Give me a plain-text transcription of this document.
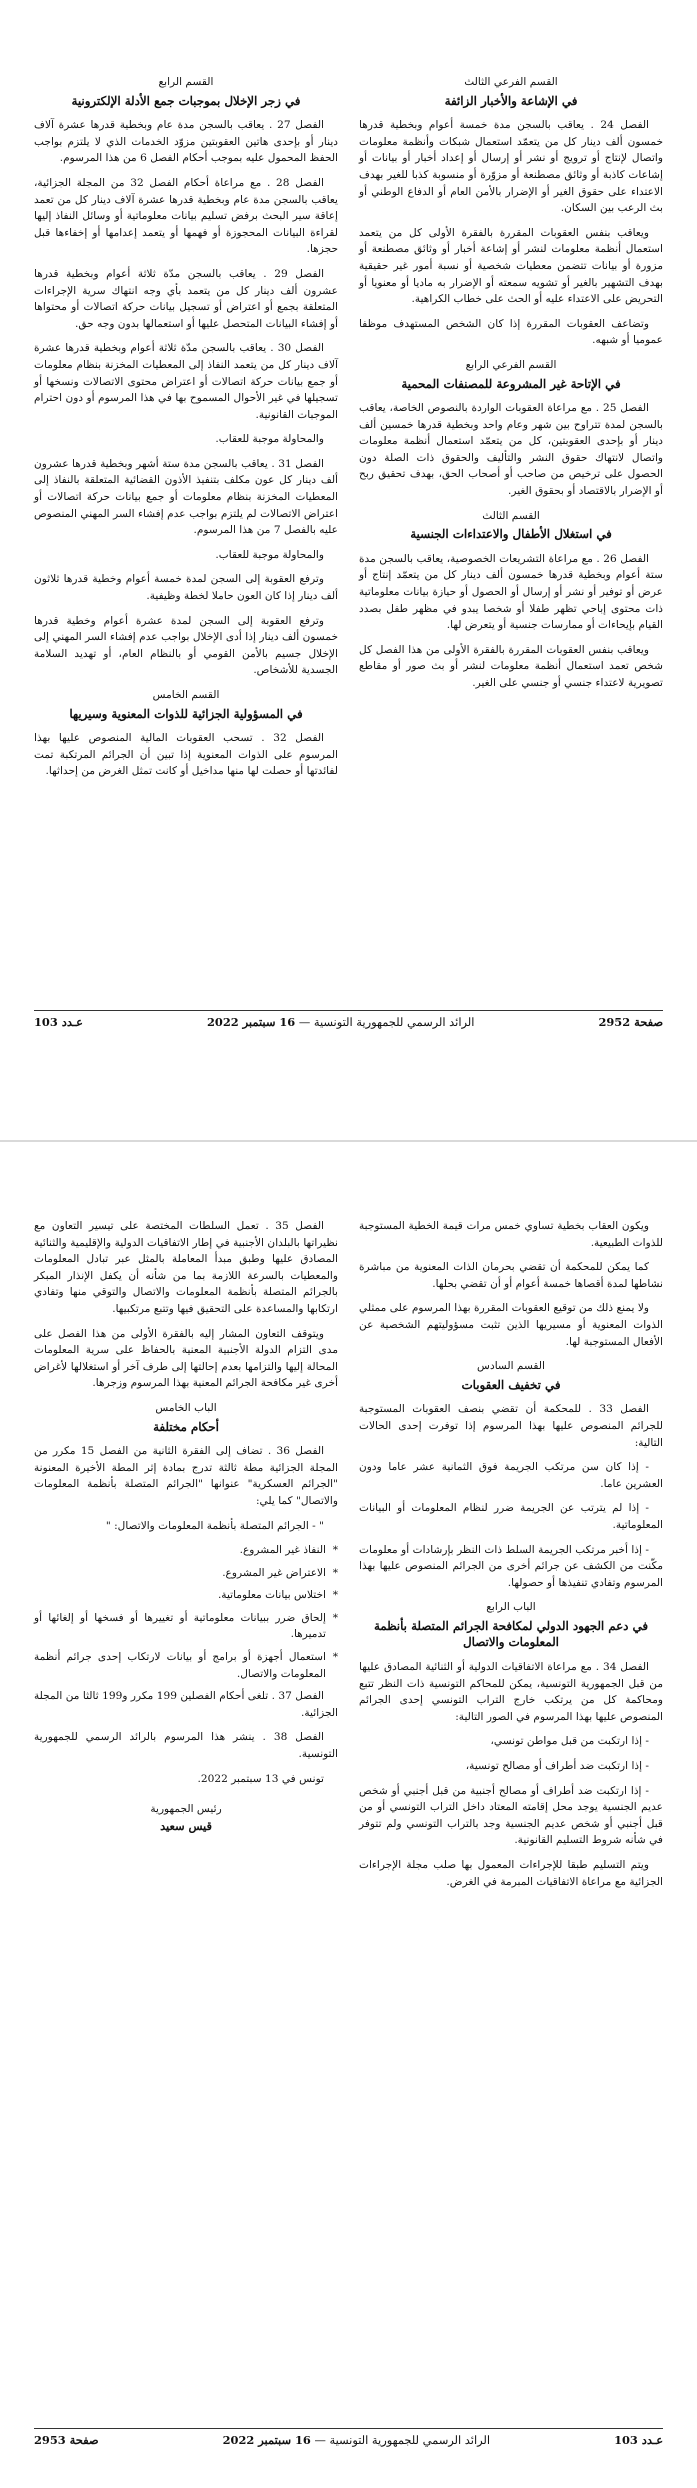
القسم الفرعي الثالث
في الإشاعة والأخبار الزائفة

الفصل 24 . يعاقب بالسجن مدة خمسة أعوام وبخطية قدرها خمسون ألف دينار كل من يتعمّد استعمال شبكات وأنظمة معلومات واتصال لإنتاج أو ترويج أو نشر أو إرسال أو إعداد أخبار أو بيانات أو إشاعات كاذبة أو وثائق مصطنعة أو مزوّرة أو منسوبة كذبا للغير بهدف الاعتداء على حقوق الغير أو الإضرار بالأمن العام أو الدفاع الوطني أو بث الرعب بين السكان.

ويعاقب بنفس العقوبات المقررة بالفقرة الأولى كل من يتعمد استعمال أنظمة معلومات لنشر أو إشاعة أخبار أو وثائق مصطنعة أو مزورة أو بيانات تتضمن معطيات شخصية أو نسبة أمور غير حقيقية بهدف التشهير بالغير أو تشويه سمعته أو الإضرار به ماديا أو معنويا أو التحريض على الاعتداء عليه أو الحث على خطاب الكراهية.

وتضاعف العقوبات المقررة إذا كان الشخص المستهدف موظفا عموميا أو شبهه.

القسم الفرعي الرابع
في الإتاحة غير المشروعة للمصنفات المحمية

الفصل 25 . مع مراعاة العقوبات الواردة بالنصوص الخاصة، يعاقب بالسجن لمدة تتراوح بين شهر وعام واحد وبخطية قدرها خمسين ألف دينار أو بإحدى العقوبتين، كل من يتعمّد استعمال أنظمة معلومات واتصال لانتهاك حقوق النشر والتأليف والحقوق ذات الصلة دون الحصول على ترخيص من صاحب أو أصحاب الحق، بهدف تحقيق ربح أو الإضرار بالاقتصاد أو بحقوق الغير.

القسم الثالث
في استغلال الأطفال والاعتداءات الجنسية

الفصل 26 . مع مراعاة التشريعات الخصوصية، يعاقب بالسجن مدة ستة أعوام وبخطية قدرها خمسون ألف دينار كل من يتعمّد إنتاج أو عرض أو توفير أو نشر أو إرسال أو الحصول أو حيازة بيانات معلوماتية ذات محتوى إباحي تظهر طفلا أو شخصا يبدو في مظهر طفل بصدد القيام بإيحاءات أو ممارسات جنسية أو يتعرض لها.

ويعاقب بنفس العقوبات المقررة بالفقرة الأولى من هذا الفصل كل شخص تعمد استعمال أنظمة معلومات لنشر أو بث صور أو مقاطع تصويرية لاعتداء جنسي أو جنسي على الغير.

القسم الرابع
في زجر الإخلال بموجبات جمع الأدلة الإلكترونية

الفصل 27 . يعاقب بالسجن مدة عام وبخطية قدرها عشرة آلاف دينار أو بإحدى هاتين العقوبتين مزوّد الخدمات الذي لا يلتزم بواجب الحفظ المحمول عليه بموجب أحكام الفصل 6 من هذا المرسوم.

الفصل 28 . مع مراعاة أحكام الفصل 32 من المجلة الجزائية، يعاقب بالسجن مدة عام وبخطية قدرها عشرة آلاف دينار كل من تعمد إعاقة سير البحث برفض تسليم بيانات معلوماتية أو وسائل النفاذ إليها لقراءة البيانات المحجوزة أو فهمها أو يتعمد إعدامها أو إخفاءها قبل حجزها.

الفصل 29 . يعاقب بالسجن مدّة ثلاثة أعوام وبخطية قدرها عشرون ألف دينار كل من يتعمد بأي وجه انتهاك سرية الإجراءات المتعلقة بجمع أو اعتراض أو تسجيل بيانات حركة اتصالات أو محتواها أو إفشاء البيانات المتحصل عليها أو استعمالها بدون وجه حق.

الفصل 30 . يعاقب بالسجن مدّة ثلاثة أعوام وبخطية قدرها عشرة آلاف دينار كل من يتعمد النفاذ إلى المعطيات المخزنة بنظام معلومات أو جمع بيانات حركة اتصالات أو اعتراض محتوى الاتصالات ونسخها أو تسجيلها في غير الأحوال المسموح بها في هذا المرسوم أو دون احترام الموجبات القانونية.

والمحاولة موجبة للعقاب.

الفصل 31 . يعاقب بالسجن مدة ستة أشهر وبخطية قدرها عشرون ألف دينار كل عون مكلف بتنفيذ الأذون القضائية المتعلقة بالنفاذ إلى المعطيات المخزنة بنظام معلومات أو جمع بيانات حركة اتصالات أو اعتراض الاتصالات لم يلتزم بواجب عدم إفشاء السر المهني المنصوص عليه بالفصل 7 من هذا المرسوم.

والمحاولة موجبة للعقاب.

وترفع العقوبة إلى السجن لمدة خمسة أعوام وخطية قدرها ثلاثون ألف دينار إذا كان العون حاملا لخطة وظيفية.

وترفع العقوبة إلى السجن لمدة عشرة أعوام وخطية قدرها خمسون ألف دينار إذا أدى الإخلال بواجب عدم إفشاء السر المهني إلى الإخلال جسيم بالأمن القومي أو بالنظام العام، أو تهديد السلامة الجسدية للأشخاص.

القسم الخامس
في المسؤولية الجزائية للذوات المعنوية وسيريها

الفصل 32 . تسحب العقوبات المالية المنصوص عليها بهذا المرسوم على الذوات المعنوية إذا تبين أن الجرائم المرتكبة تمت لفائدتها أو حصلت لها منها مداخيل أو كانت تمثل الغرض من إحداثها.

صفحة 2952
الرائد الرسمي للجمهورية التونسية — 16 سبتمبر 2022
عـدد 103

ويكون العقاب بخطية تساوي خمس مرات قيمة الخطية المستوجبة للذوات الطبيعية.

كما يمكن للمحكمة أن تقضي بحرمان الذات المعنوية من مباشرة نشاطها لمدة أقصاها خمسة أعوام أو أن تقضي بحلها.

ولا يمنع ذلك من توقيع العقوبات المقررة بهذا المرسوم على ممثلي الذوات المعنوية أو مسيريها الذين تثبت مسؤوليتهم الشخصية عن الأفعال المستوجبة لها.

القسم السادس
في تخفيف العقوبات

الفصل 33 . للمحكمة أن تقضي بنصف العقوبات المستوجبة للجرائم المنصوص عليها بهذا المرسوم إذا توفرت إحدى الحالات التالية:

- إذا كان سن مرتكب الجريمة فوق الثمانية عشر عاما ودون العشرين عاما.

- إذا لم يترتب عن الجريمة ضرر لنظام المعلومات أو البيانات المعلوماتية.

- إذا أخبر مرتكب الجريمة السلط ذات النظر بإرشادات أو معلومات مكّنت من الكشف عن جرائم أخرى من الجرائم المنصوص عليها بهذا المرسوم وتفادي تنفيذها أو حصولها.

الباب الرابع
في دعم الجهود الدولي لمكافحة الجرائم المتصلة بأنظمة المعلومات والاتصال

الفصل 34 . مع مراعاة الاتفاقيات الدولية أو الثنائية المصادق عليها من قبل الجمهورية التونسية، يمكن للمحاكم التونسية ذات النظر تتبع ومحاكمة كل من يرتكب خارج التراب التونسي إحدى الجرائم المنصوص عليها بهذا المرسوم في الصور التالية:

- إذا ارتكبت من قبل مواطن تونسي،

- إذا ارتكبت ضد أطراف أو مصالح تونسية،

- إذا ارتكبت ضد أطراف أو مصالح أجنبية من قبل أجنبي أو شخص عديم الجنسية يوجد محل إقامته المعتاد داخل التراب التونسي أو من قبل أجنبي أو شخص عديم الجنسية وجد بالتراب التونسي ولم تتوفر في شأنه شروط التسليم القانونية.

ويتم التسليم طبقا للإجراءات المعمول بها صلب مجلة الإجراءات الجزائية مع مراعاة الاتفاقيات المبرمة في الغرض.

الفصل 35 . تعمل السلطات المختصة على تيسير التعاون مع نظيراتها بالبلدان الأجنبية في إطار الاتفاقيات الدولية والإقليمية والثنائية المصادق عليها وطبق مبدأ المعاملة بالمثل عبر تبادل المعلومات والمعطيات بالسرعة اللازمة بما من شأنه أن يكفل الإنذار المبكر بالجرائم المتصلة بأنظمة المعلومات والاتصال والتوقي منها وتفادي ارتكابها والمساعدة على التحقيق فيها وتتبع مرتكبيها.

ويتوقف التعاون المشار إليه بالفقرة الأولى من هذا الفصل على مدى التزام الدولة الأجنبية المعنية بالحفاظ على سرية المعلومات المحالة إليها والتزامها بعدم إحالتها إلى طرف آخر أو استغلالها لأغراض أخرى غير مكافحة الجرائم المعنية بهذا المرسوم وزجرها.

الباب الخامس
أحكام مختلفة

الفصل 36 . تضاف إلى الفقرة الثانية من الفصل 15 مكرر من المجلة الجزائية مطة ثالثة تدرج بمادة إثر المطة الأخيرة المعنونة "الجرائم العسكرية" عنوانها "الجرائم المتصلة بأنظمة المعلومات والاتصال" كما يلي:

" - الجرائم المتصلة بأنظمة المعلومات والاتصال: "

* النفاذ غير المشروع.
* الاعتراض غير المشروع.
* اختلاس بيانات معلوماتية.
* إلحاق ضرر ببيانات معلوماتية أو تغييرها أو فسخها أو إلغائها أو تدميرها.
* استعمال أجهزة أو برامج أو بيانات لارتكاب إحدى جرائم أنظمة المعلومات والاتصال.

الفصل 37 . تلغى أحكام الفصلين 199 مكرر و199 ثالثا من المجلة الجزائية.

الفصل 38 . ينشر هذا المرسوم بالرائد الرسمي للجمهورية التونسية.

تونس في 13 سبتمبر 2022.

رئيس الجمهورية
قيس سعيد
عـدد 103
الرائد الرسمي للجمهورية التونسية — 16 سبتمبر 2022
صفحة 2953
